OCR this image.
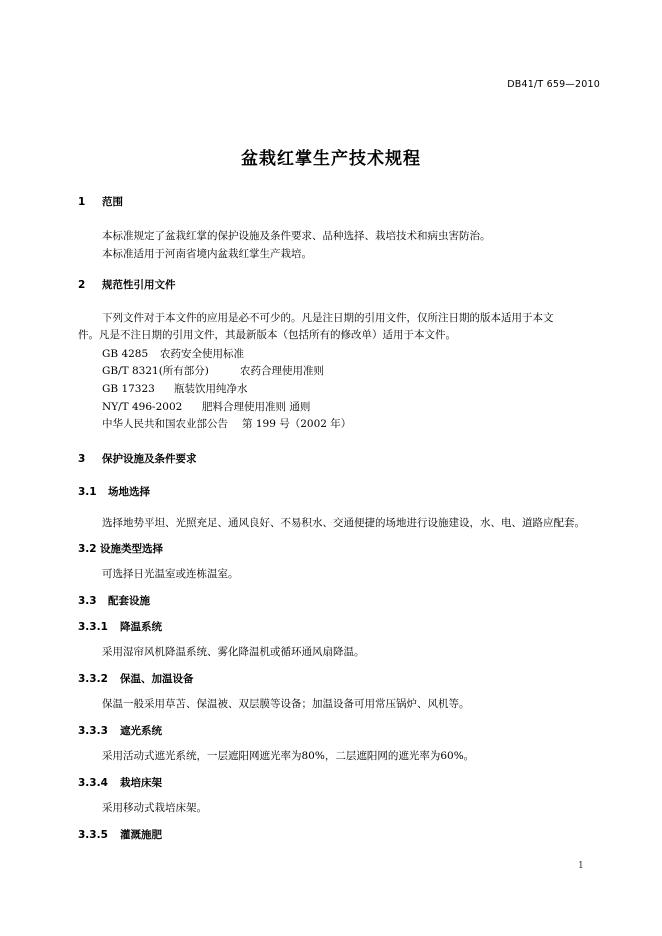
DB41/T 659—2010
盆栽红掌生产技术规程
1 范围
本标准规定了盆栽红掌的保护设施及条件要求、品种选择、栽培技术和病虫害防治。
本标准适用于河南省境内盆栽红掌生产栽培。
2 规范性引用文件
下列文件对于本文件的应用是必不可少的。凡是注日期的引用文件，仅所注日期的版本适用于本文
件。凡是不注日期的引用文件，其最新版本（包括所有的修改单）适用于本文件。
GB 4285 农药安全使用标准
GB/T 8321(所有部分)	农药合理使用准则
GB 17323 瓶装饮用纯净水
NY/T 496-2002 肥料合理使用准则 通则
中华人民共和国农业部公告 第 199 号（2002 年）
3 保护设施及条件要求
3.1 场地选择
选择地势平坦、光照充足、通风良好、不易积水、交通便捷的场地进行设施建设，水、电、道路应配套。
3.2 设施类型选择
可选择日光温室或连栋温室。
3.3 配套设施
3.3.1 降温系统
采用湿帘风机降温系统、雾化降温机或循环通风扇降温。
3.3.2 保温、加温设备
保温一般采用草苫、保温被、双层膜等设备；加温设备可用常压锅炉、风机等。
3.3.3 遮光系统
采用活动式遮光系统，一层遮阳网遮光率为80%，二层遮阳网的遮光率为60%。
3.3.4 栽培床架
采用移动式栽培床架。
3.3.5 灌溉施肥
1
